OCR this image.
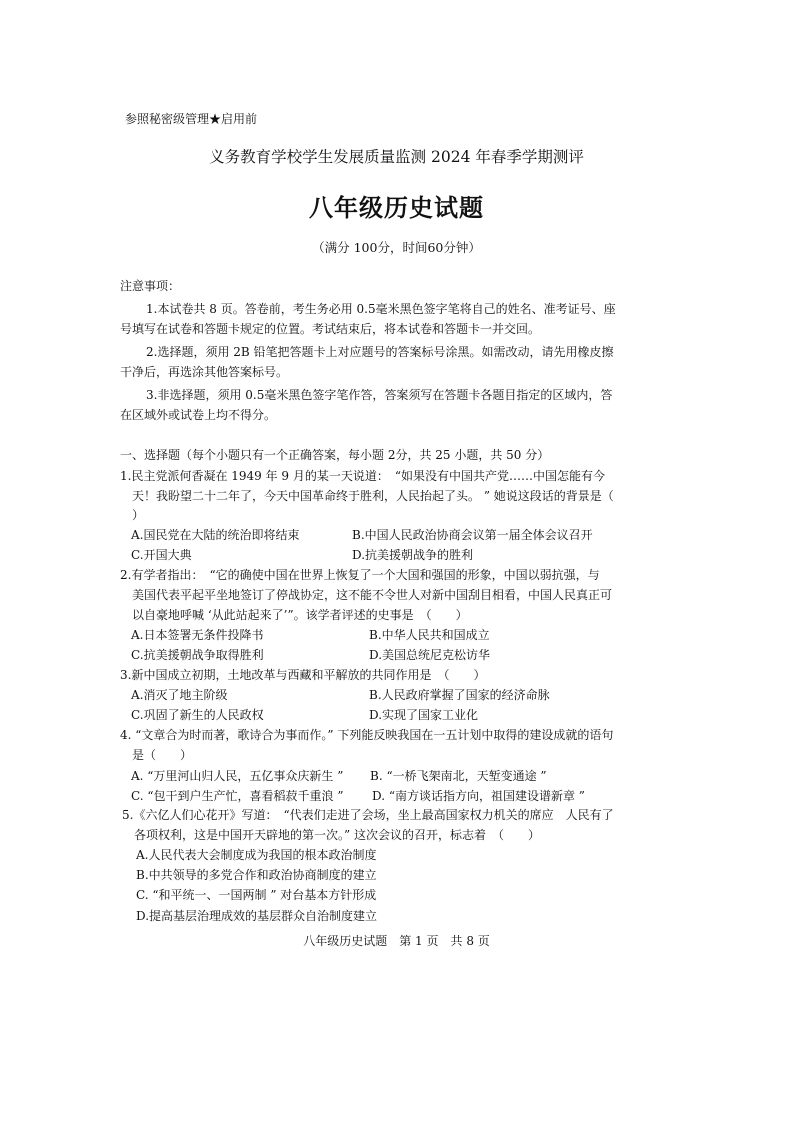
参照秘密级管理★启用前
义务教育学校学生发展质量监测 2024 年春季学期测评
八年级历史试题
（满分 100分，时间60分钟）
注意事项：
1.本试卷共 8 页。答卷前，考生务必用 0.5毫米黑色签字笔将自己的姓名、准考证号、座
号填写在试卷和答题卡规定的位置。考试结束后，将本试卷和答题卡一并交回。
2.选择题，须用 2B 铅笔把答题卡上对应题号的答案标号涂黑。如需改动，请先用橡皮擦
干净后，再选涂其他答案标号。
3.非选择题，须用 0.5毫米黑色签字笔作答，答案须写在答题卡各题目指定的区域内，答
在区域外或试卷上均不得分。
一、选择题（每个小题只有一个正确答案，每小题 2分，共 25 小题，共 50 分）
1.民主党派何香凝在 1949 年 9 月的某一天说道：　“如果没有中国共产党……中国怎能有今
　天！我盼望二十二年了，今天中国革命终于胜利，人民抬起了头。 ” 她说这段话的背景是（
　）
A.国民党在大陆的统治即将结束	B.中国人民政治协商会议第一届全体会议召开
C.开国大典	D.抗美援朝战争的胜利
2.有学者指出：　“它的确使中国在世界上恢复了一个大国和强国的形象，中国以弱抗强，与
　美国代表平起平坐地签订了停战协定，这不能不令世人对新中国刮目相看，中国人民真正可
　以自豪地呼喊 ‘从此站起来了’”。该学者评述的史事是　（　　）
A.日本签署无条件投降书	B.中华人民共和国成立
C.抗美援朝战争取得胜利	D.美国总统尼克松访华
3.新中国成立初期，土地改革与西藏和平解放的共同作用是　（　　）
A.消灭了地主阶级	B.人民政府掌握了国家的经济命脉
C.巩固了新生的人民政权	D.实现了国家工业化
4. “文章合为时而著，歌诗合为事而作。” 下列能反映我国在一五计划中取得的建设成就的语句
　是（　　）
A. “万里河山归人民，五亿事众庆新生 ” B. “一桥飞架南北，天堑变通途 ”
C. “包干到户生产忙，喜看稻菽千重浪 ” D. “南方谈话指方向，祖国建设谱新章 ”
5.《六亿人们心花开》写道：　“代表们走进了会场，坐上最高国家权力机关的席应　人民有了
　各项权利，这是中国开天辟地的第一次。” 这次会议的召开，标志着　（　　）
A.人民代表大会制度成为我国的根本政治制度
B.中共领导的多党合作和政治协商制度的建立
C. “和平统一、一国两制 ” 对台基本方针形成
D.提高基层治理成效的基层群众自治制度建立
八年级历史试题　第 1 页　共 8 页
